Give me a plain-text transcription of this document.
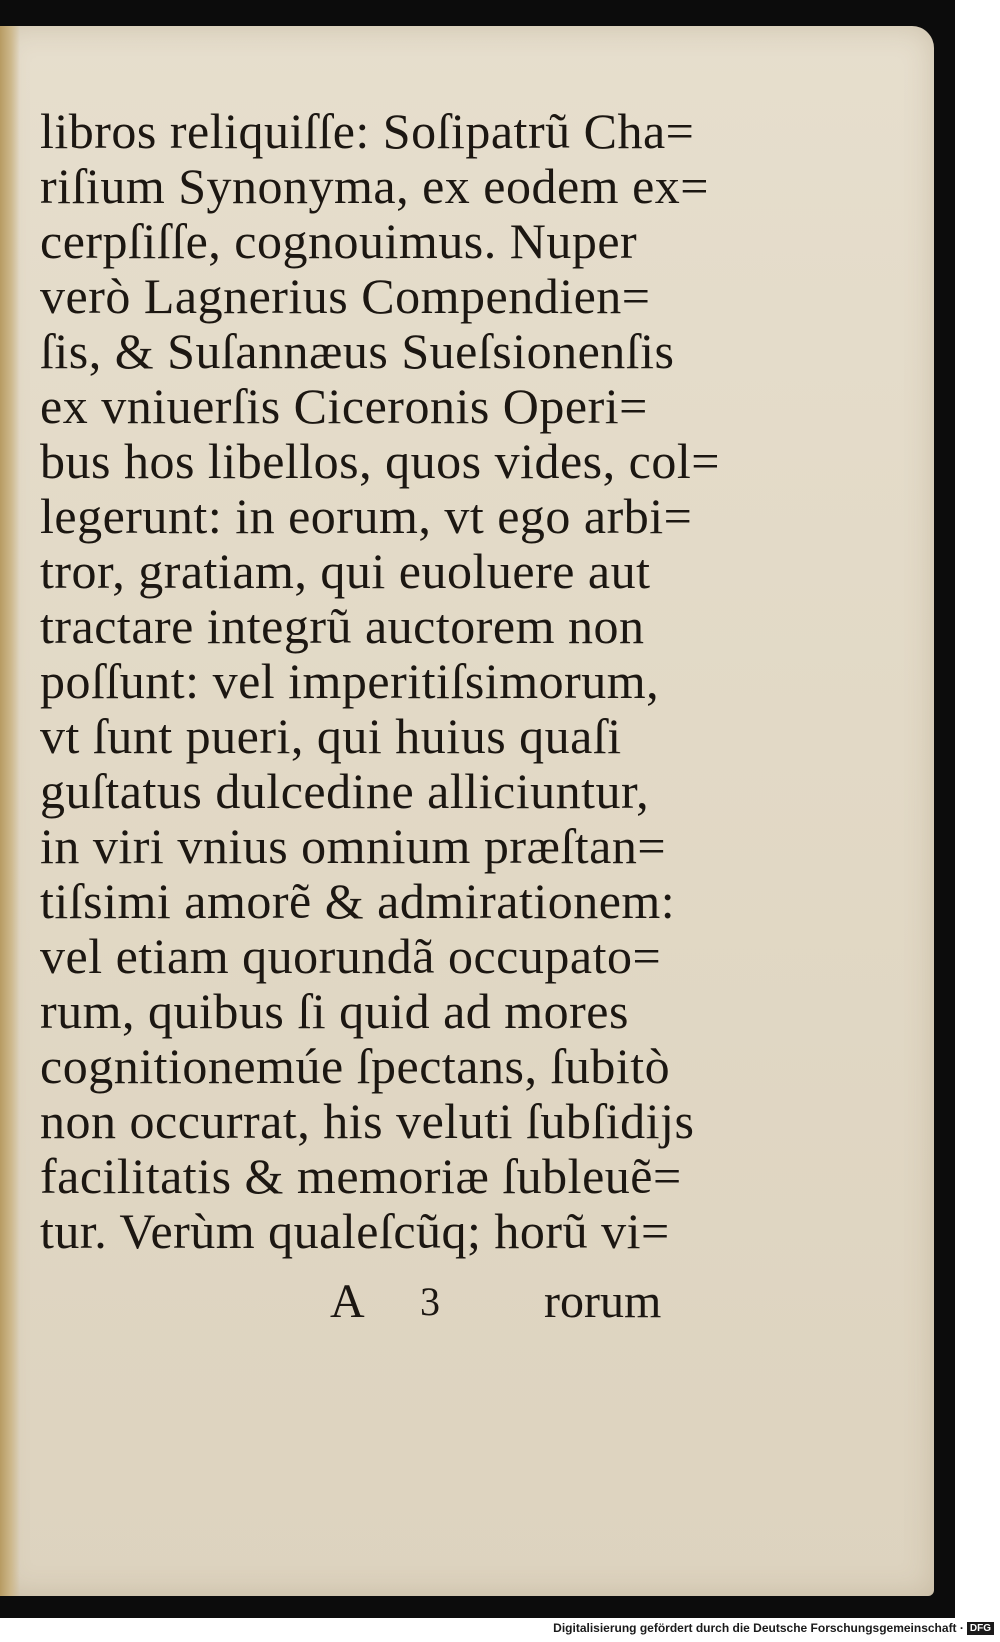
libros reliquiſſe: Soſipatrũ Cha=
riſium Synonyma, ex eodem ex=
cerpſiſſe, cognouimus. Nuper
verò Lagnerius Compendien=
ſis, & Suſannæus Sueſsionenſis
ex vniuerſis Ciceronis Operi=
bus hos libellos, quos vides, col=
legerunt: in eorum, vt ego arbi=
tror, gratiam, qui euoluere aut
tractare integrũ auctorem non
poſſunt: vel imperitiſsimorum,
vt ſunt pueri, qui huius quaſi
guſtatus dulcedine alliciuntur,
in viri vnius omnium præſtan=
tiſsimi amorẽ & admirationem:
vel etiam quorundã occupato=
rum, quibus ſi quid ad mores
cognitionemúe ſpectans, ſubitò
non occurrat, his veluti ſubſidijs
facilitatis & memoriæ ſubleuẽ=
tur. Verùm qualeſcũq; horũ vi=
A 3 rorum
Digitalisierung gefördert durch die Deutsche Forschungsgemeinschaft · DFG
